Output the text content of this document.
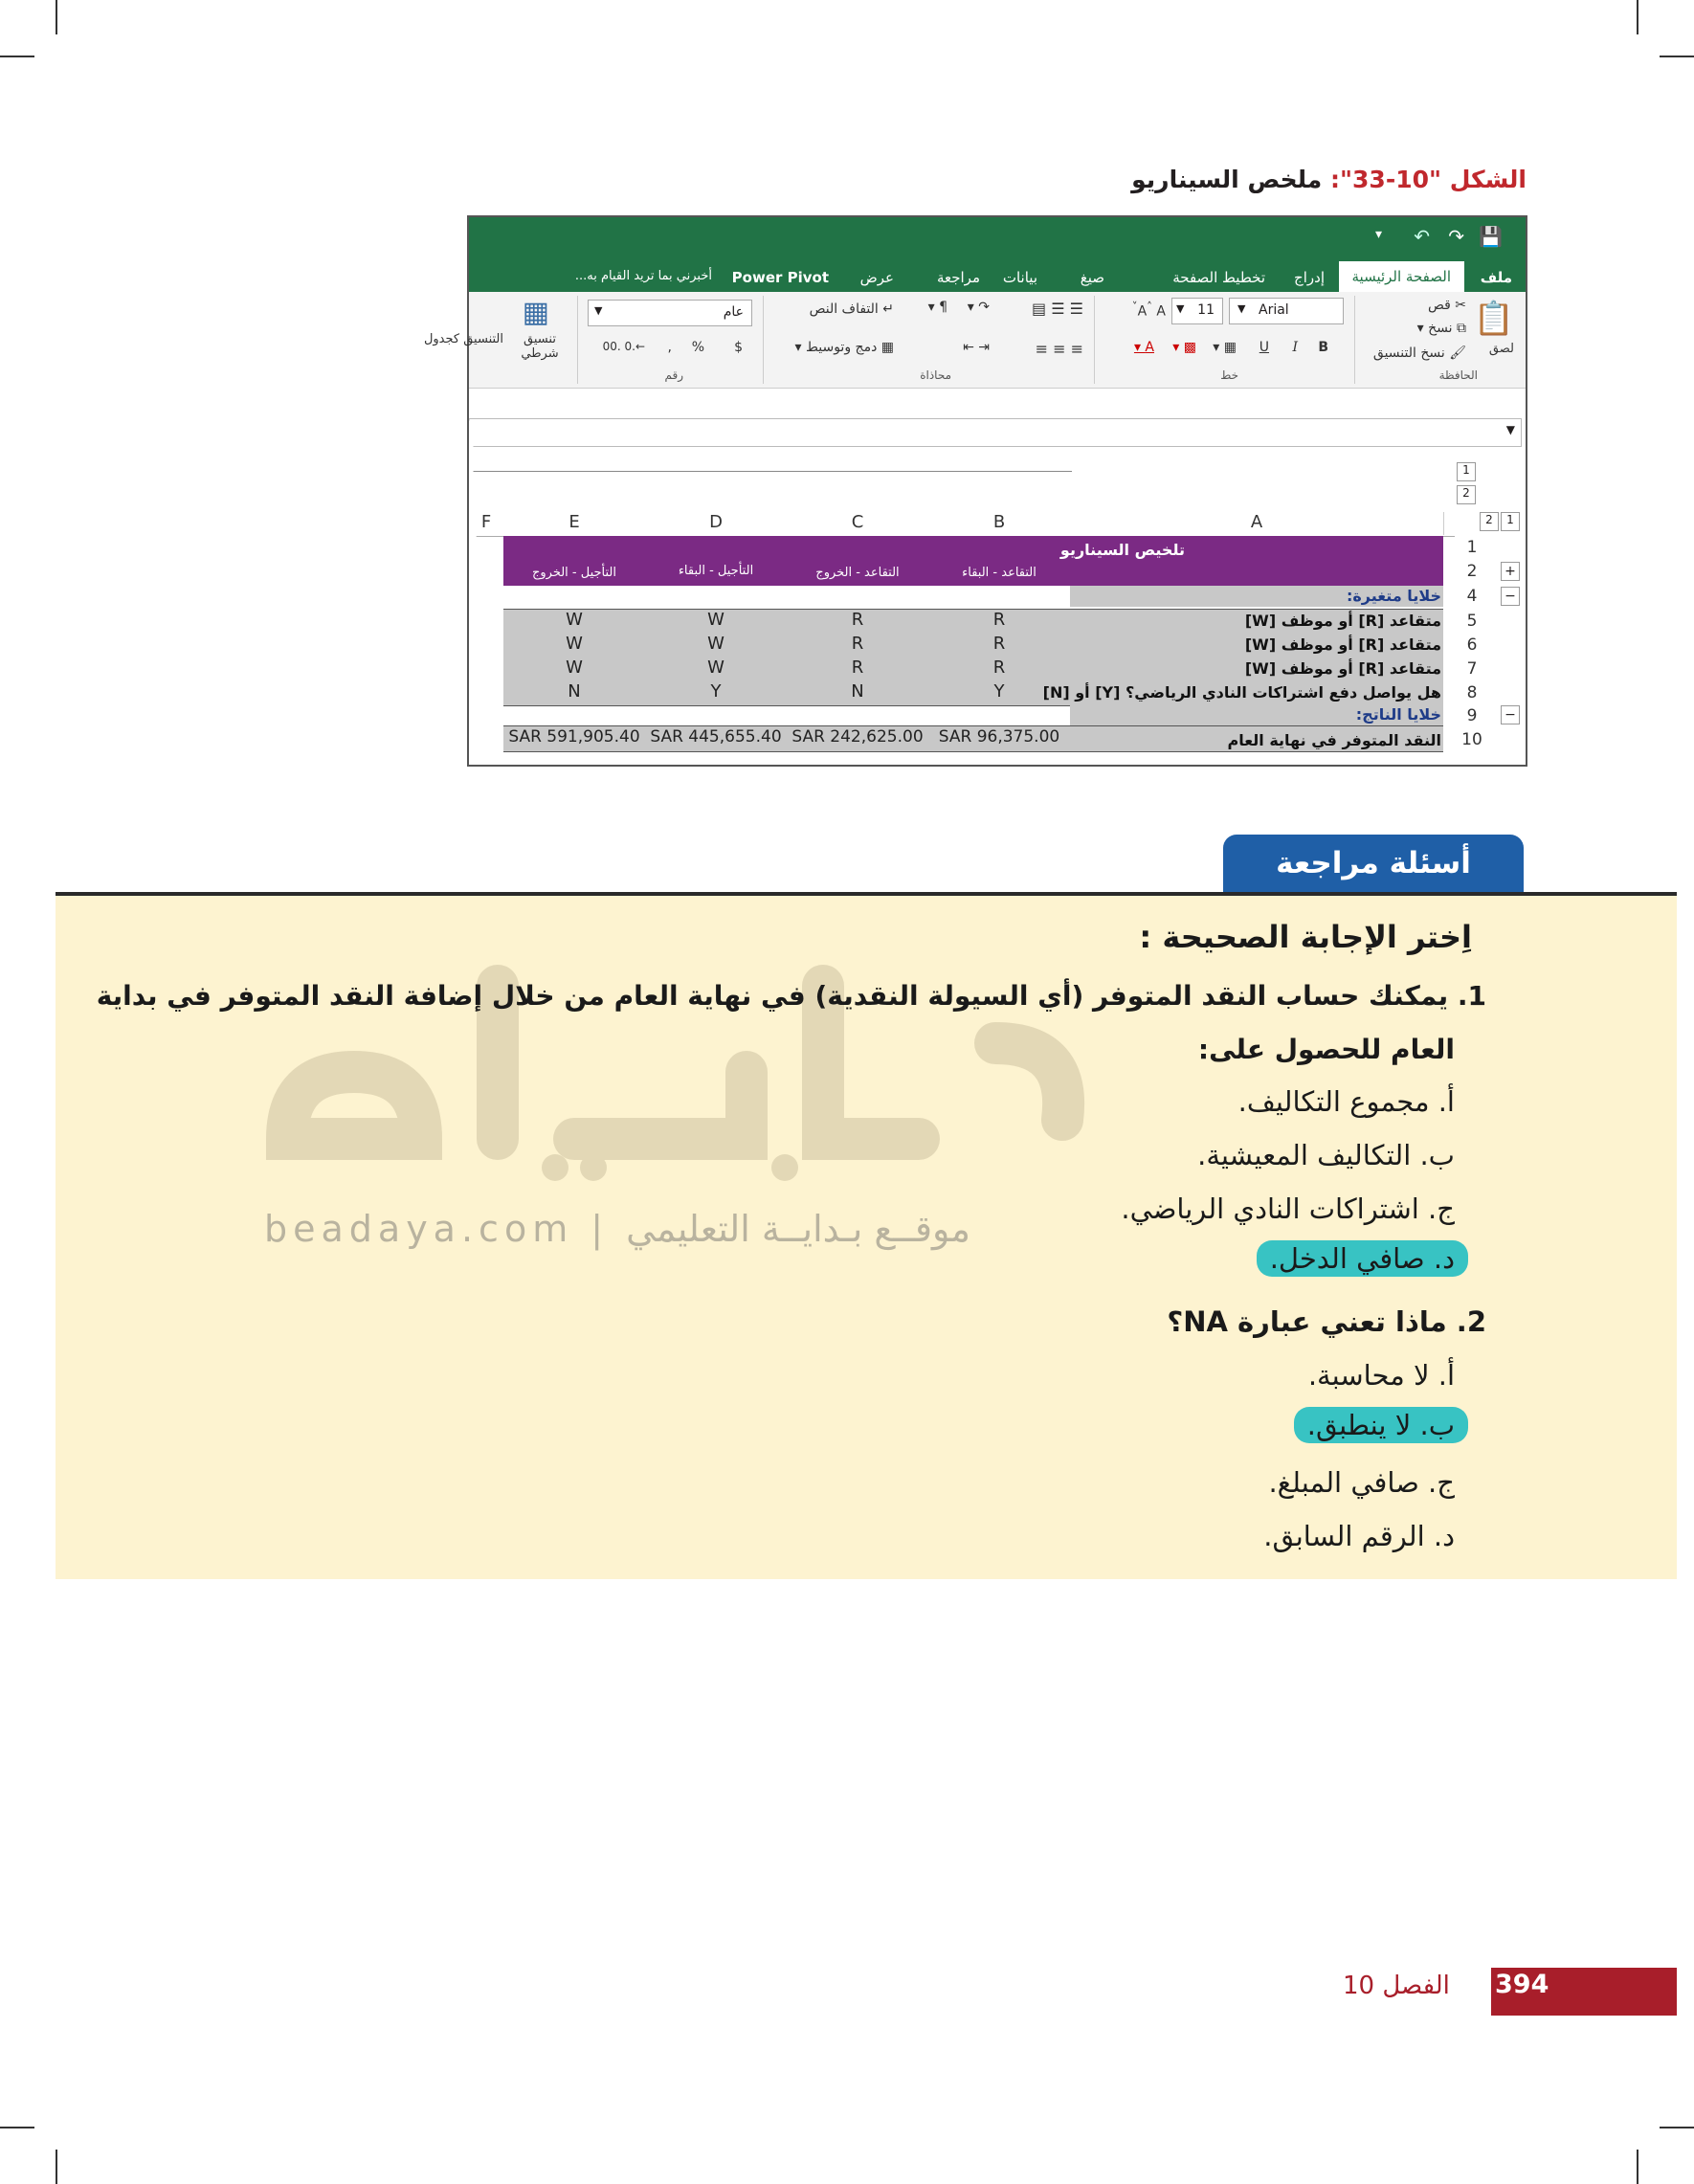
الشكل "10-33": ملخص السيناريو
💾
↷
↶
▾
ملف
الصفحة الرئيسية
إدراج
تخطيط الصفحة
صيغ
بيانات
مراجعة
عرض
Power Pivot
أخبرني بما تريد القيام به...
📋
لصق
✂ قص
⧉ نسخ ▾
🖌 نسخ التنسيق
الحافظة
Arial
▼
11
▼
A˄ A˅
B
I
U
▦ ▾
▩ ▾
A ▾
خط
☰ ☰ ▤
≡ ≡ ≡
↷ ▾
⇥ ⇤
¶ ▾
↵ التفاف النص
▦ دمج وتوسيط ▾
محاذاة
عام
▼
$
%
,
←.0 .00
رقم
▦
تنسيق شرطي
التنسيق كجدول
▼
1
2
1
2
F	E	D	C	B	A
تلخيص السيناريو
التقاعد - البقاء
التقاعد - الخروج
التأجيل - البقاء
التأجيل - الخروج
خلايا متغيرة:
خلايا الناتج:
1
2
4
5
6
7
8
9
10
+
−
−
متقاعد [R] أو موظف [W]
متقاعد [R] أو موظف [W]
متقاعد [R] أو موظف [W]
هل يواصل دفع اشتراكات النادي الرياضي؟ [Y] أو [N]
النقد المتوفر في نهاية العام
R
R
W
W
R
R
W
W
R
R
W
W
Y
N
Y
N
SAR 96,375.00
SAR 242,625.00
SAR 445,655.40
SAR 591,905.40
أسئلة مراجعة
beadaya.com | موقــع بـدايــة التعليمي
اِختر الإجابة الصحيحة :
1. يمكنك حساب النقد المتوفر (أي السيولة النقدية) في نهاية العام من خلال إضافة النقد المتوفر في بداية
العام للحصول على:
أ. مجموع التكاليف.
ب. التكاليف المعيشية.
ج. اشتراكات النادي الرياضي.
د. صافي الدخل.
2. ماذا تعني عبارة NA؟
أ. لا محاسبة.
ب. لا ينطبق.
ج. صافي المبلغ.
د. الرقم السابق.
394
الفصل 10
